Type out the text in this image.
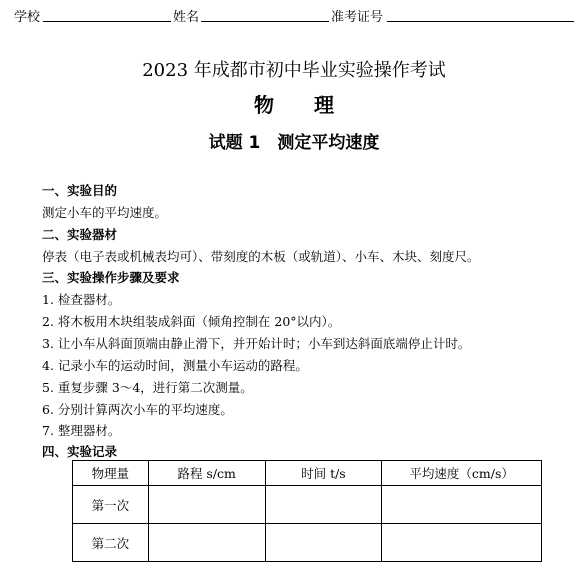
学校	姓名	准考证号
2023 年成都市初中毕业实验操作考试
物　　理
试题 1　测定平均速度
一、实验目的
测定小车的平均速度。
二、实验器材
停表（电子表或机械表均可）、带刻度的木板（或轨道）、小车、木块、刻度尺。
三、实验操作步骤及要求
1. 检查器材。
2. 将木板用木块组装成斜面（倾角控制在 20°以内）。
3. 让小车从斜面顶端由静止滑下，并开始计时；小车到达斜面底端停止计时。
4. 记录小车的运动时间，测量小车运动的路程。
5. 重复步骤 3～4，进行第二次测量。
6. 分别计算两次小车的平均速度。
7. 整理器材。
四、实验记录
物理量	路程 s/cm	时间 t/s	平均速度（cm/s）
第一次			
第二次			
